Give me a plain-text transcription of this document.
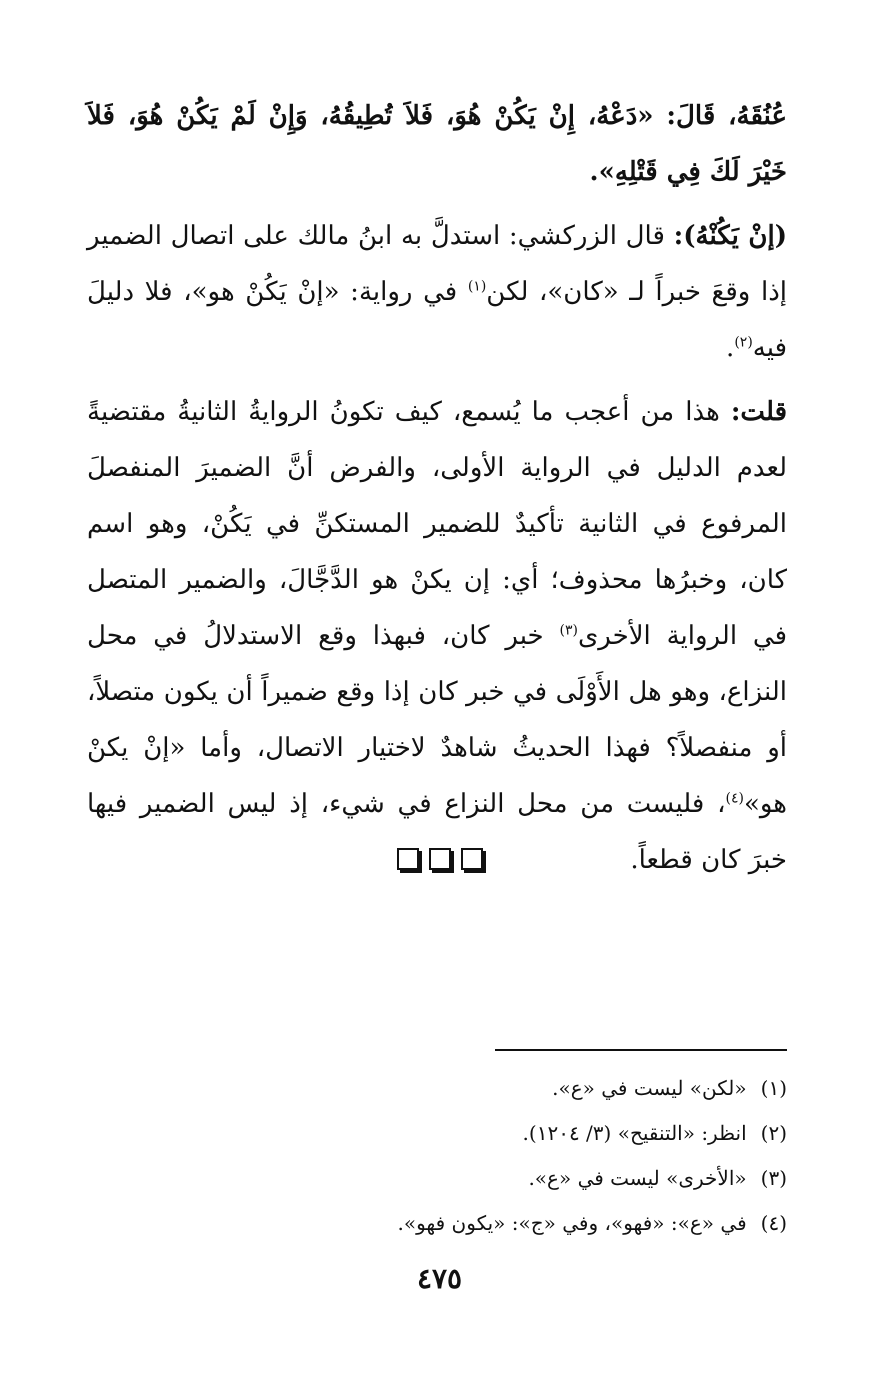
عُنُقَهُ، قَالَ: «دَعْهُ، إِنْ يَكُنْ هُوَ، فَلاَ تُطِيقُهُ، وَإِنْ لَمْ يَكُنْ هُوَ، فَلاَ خَيْرَ لَكَ فِي قَتْلِهِ».

(إنْ يَكُنْهُ): قال الزركشي: استدلَّ به ابنُ مالك على اتصال الضمير إذا وقعَ خبراً لـ «كان»، لكن$^{(١)}$ في رواية: «إنْ يَكُنْ هو»، فلا دليلَ فيه$^{(٢)}$.

قلت: هذا من أعجب ما يُسمع، كيف تكونُ الروايةُ الثانيةُ مقتضيةً لعدم الدليل في الرواية الأولى، والفرض أنَّ الضميرَ المنفصلَ المرفوع في الثانية تأكيدٌ للضمير المستكنِّ في يَكُنْ، وهو اسم كان، وخبرُها محذوف؛ أي: إن يكنْ هو الدَّجَّالَ، والضمير المتصل في الرواية الأخرى$^{(٣)}$ خبر كان، فبهذا وقع الاستدلالُ في محل النزاع، وهو هل الأَوْلَى في خبر كان إذا وقع ضميراً أن يكون متصلاً، أو منفصلاً؟ فهذا الحديثُ شاهدٌ لاختيار الاتصال، وأما «إنْ يكنْ هو»$^{(٤)}$، فليست من محل النزاع في شيء، إذ ليس الضمير فيها خبرَ كان قطعاً.

(١)«لكن» ليست في «ع».
(٢)انظر: «التنقيح» (٣/ ١٢٠٤).
(٣)«الأخرى» ليست في «ع».
(٤)في «ع»: «فهو»، وفي «ج»: «يكون فهو».
٤٧٥
